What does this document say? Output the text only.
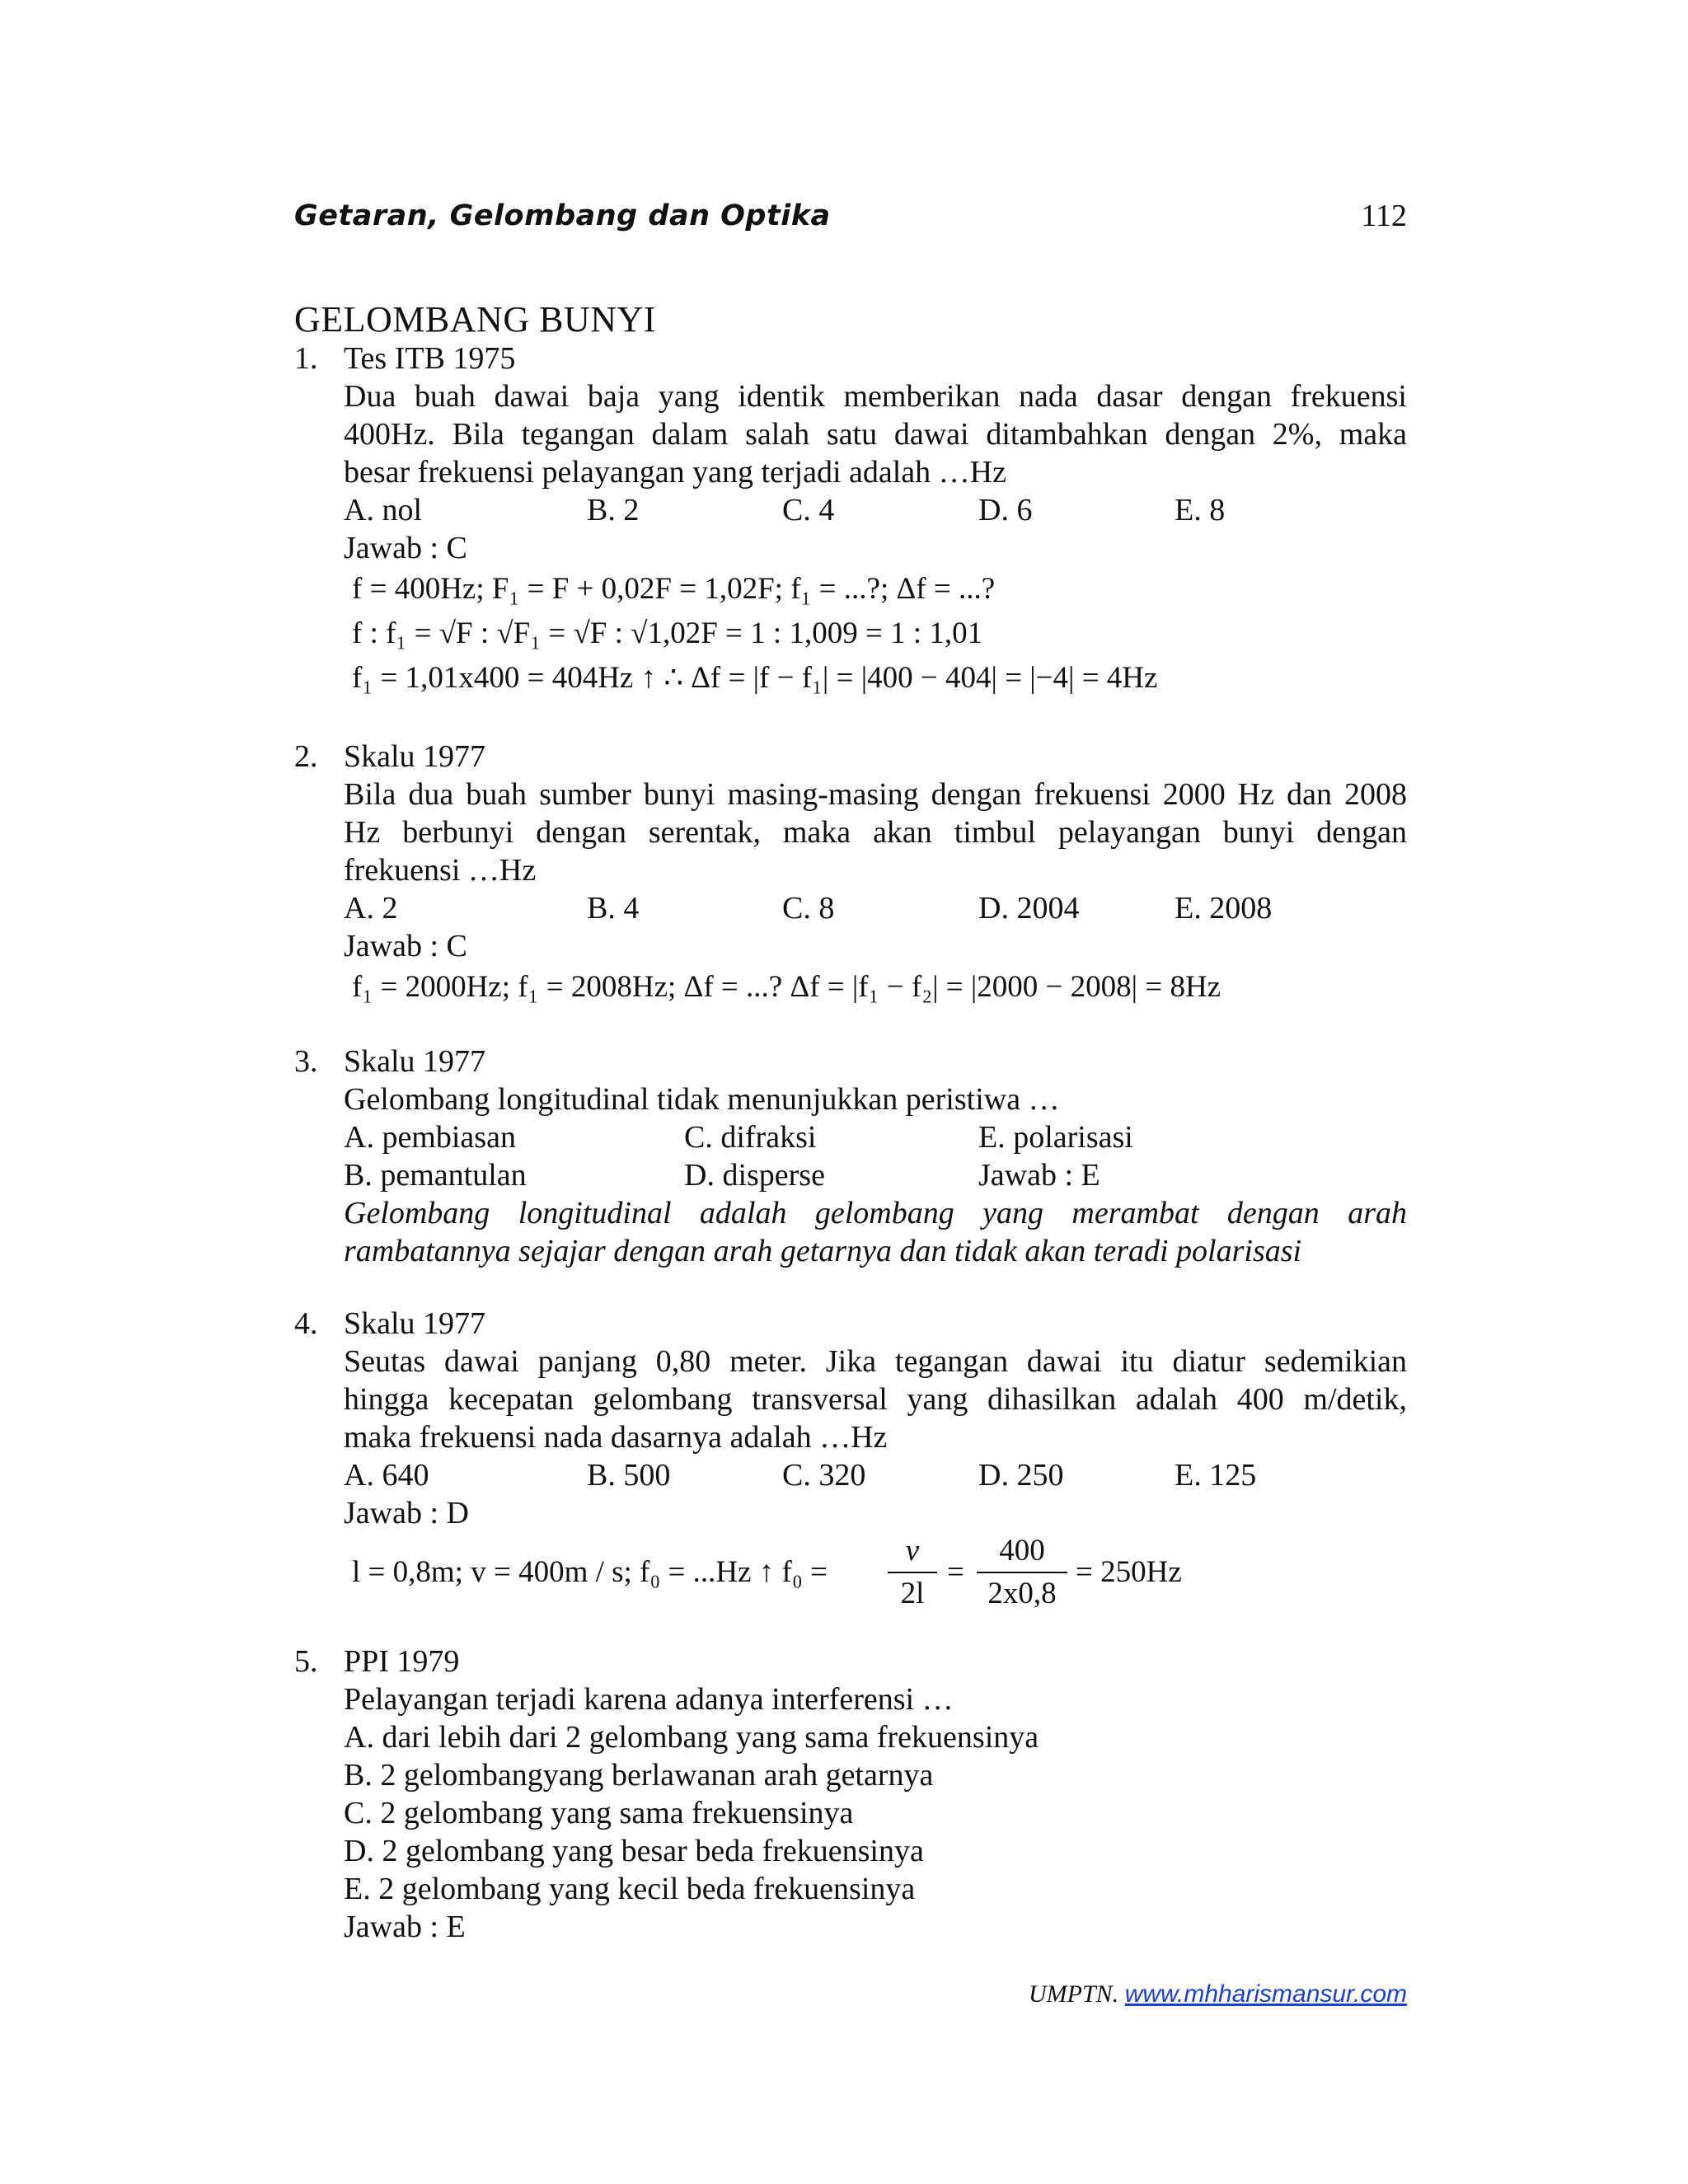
Getaran, Gelombang dan Optika	112
GELOMBANG BUNYI
1. Tes ITB 1975
Dua buah dawai baja yang identik memberikan nada dasar dengan frekuensi
400Hz. Bila tegangan dalam salah satu dawai ditambahkan dengan 2%, maka
besar frekuensi pelayangan yang terjadi adalah …Hz
A. nol	B. 2	C. 4	D. 6	E. 8
Jawab : C
f = 400Hz; F₁ = F + 0,02F = 1,02F; f₁ = ...?; Δf = ...?
f : f₁ = √F : √F₁ = √F : √1,02F = 1 : 1,009 = 1 : 1,01
f₁ = 1,01x400 = 404Hz ↑ ∴ Δf = |f − f₁| = |400 − 404| = |−4| = 4Hz
2. Skalu 1977
Bila dua buah sumber bunyi masing-masing dengan frekuensi 2000 Hz dan 2008
Hz berbunyi dengan serentak, maka akan timbul pelayangan bunyi dengan
frekuensi …Hz
A. 2	B. 4	C. 8	D. 2004	E. 2008
Jawab : C
f₁ = 2000Hz; f₁ = 2008Hz; Δf = ...? Δf = |f₁ − f₂| = |2000 − 2008| = 8Hz
3. Skalu 1977
Gelombang longitudinal tidak menunjukkan peristiwa …
A. pembiasan	C. difraksi	E. polarisasi
B. pemantulan	D. disperse	Jawab : E
Gelombang longitudinal adalah gelombang yang merambat dengan arah
rambatannya sejajar dengan arah getarnya dan tidak akan teradi polarisasi
4. Skalu 1977
Seutas dawai panjang 0,80 meter. Jika tegangan dawai itu diatur sedemikian
hingga kecepatan gelombang transversal yang dihasilkan adalah 400 m/detik,
maka frekuensi nada dasarnya adalah …Hz
A. 640	B. 500	C. 320	D. 250	E. 125
Jawab : D
l = 0,8m; v = 400m / s; f₀ = ...Hz ↑ f₀ =
v
2l
=
400
2x0,8
= 250Hz
5. PPI 1979
Pelayangan terjadi karena adanya interferensi …
A. dari lebih dari 2 gelombang yang sama frekuensinya
B. 2 gelombangyang berlawanan arah getarnya
C. 2 gelombang yang sama frekuensinya
D. 2 gelombang yang besar beda frekuensinya
E. 2 gelombang yang kecil beda frekuensinya
Jawab : E
UMPTN. www.mhharismansur.com
